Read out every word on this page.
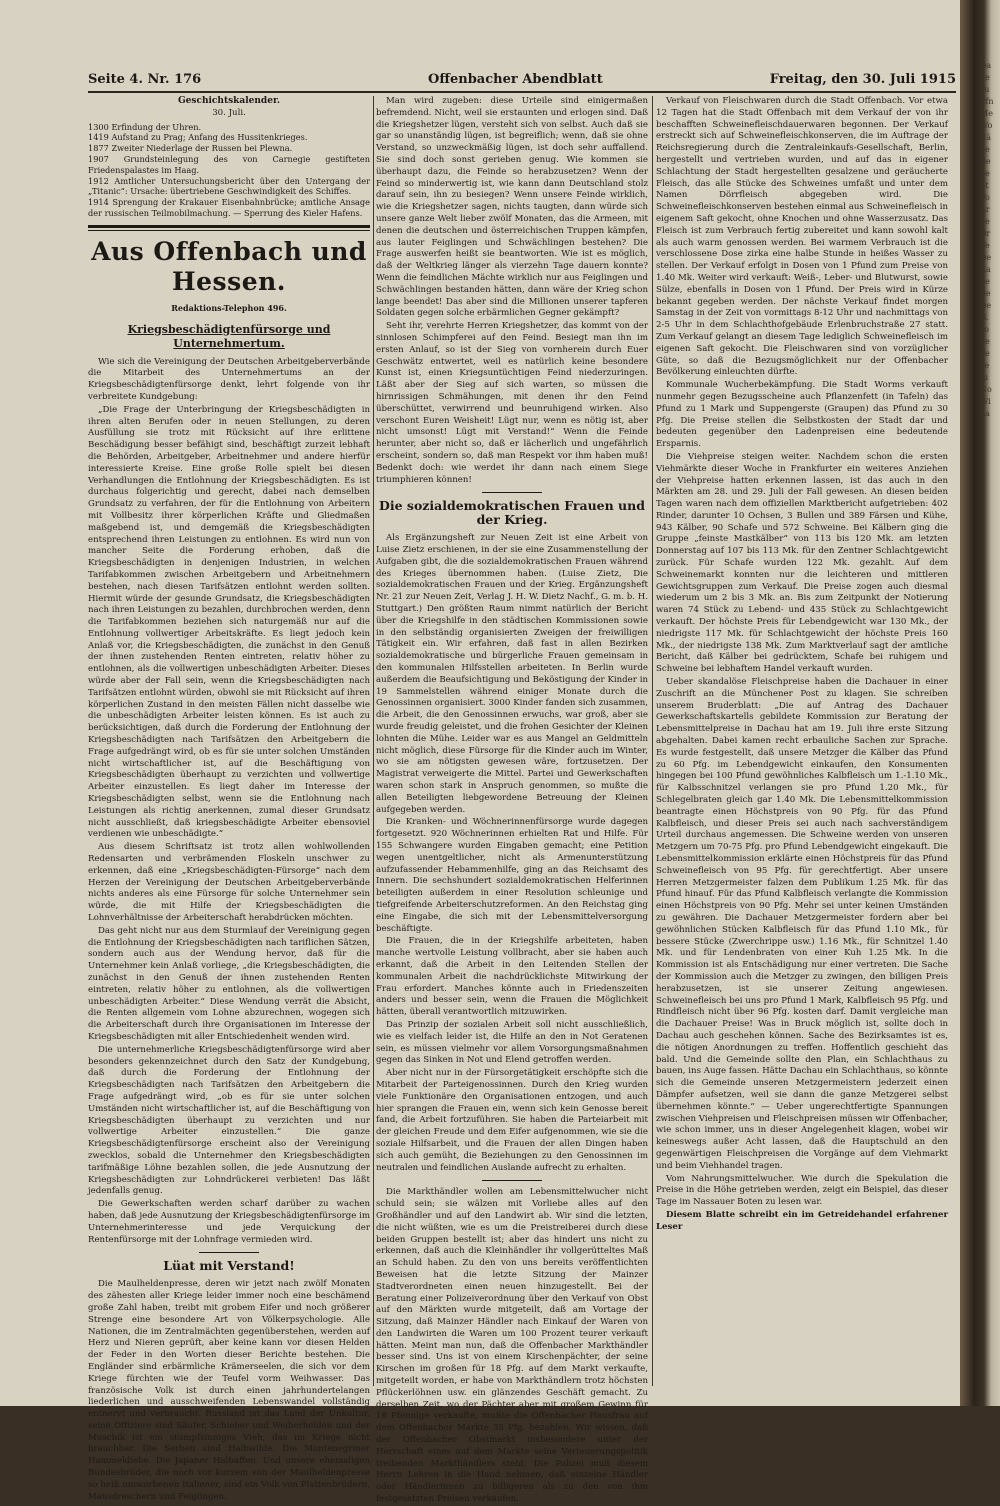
Seite 4. Nr. 176	Offenbacher Abendblatt	Freitag, den 30. Juli 1915
Geschichtskalender.
30. Juli.
1300 Erfindung der Uhren.
1419 Aufstand zu Prag; Anfang des Hussitenkrieges.
1877 Zweiter Niederlage der Russen bei Plewna.
1907 Grundsteinlegung des von Carnegie gestifteten Friedenspalastes im Haag.
1912 Amtlicher Untersuchungsbericht über den Untergang der „Titanic“: Ursache: übertriebene Geschwindigkeit des Schiffes.
1914 Sprengung der Krakauer Eisenbahnbrücke; amtliche Ansage der russischen Teilmobilmachung. — Sperrung des Kieler Hafens.
Aus Offenbach und Hessen.
Redaktions-Telephon 496.
Kriegsbeschädigtenfürsorge und Unternehmertum.

Wie sich die Vereinigung der Deutschen Arbeitgeberverbände die Mitarbeit des Unternehmertums an der Kriegsbeschädigtenfürsorge denkt, lehrt folgende von ihr verbreitete Kundgebung:

„Die Frage der Unterbringung der Kriegsbeschädigten in ihren alten Berufen oder in neuen Stellungen, zu deren Ausfüllung sie trotz mit Rücksicht auf ihre erlittene Beschädigung besser befähigt sind, beschäftigt zurzeit lebhaft die Behörden, Arbeitgeber, Arbeitnehmer und andere hierfür interessierte Kreise. Eine große Rolle spielt bei diesen Verhandlungen die Entlohnung der Kriegsbeschädigten. Es ist durchaus folgerichtig und gerecht, dabei nach demselben Grundsatz zu verfahren, der für die Entlohnung von Arbeitern mit Vollbesitz ihrer körperlichen Kräfte und Gliedmaßen maßgebend ist, und demgemäß die Kriegsbeschädigten entsprechend ihren Leistungen zu entlohnen. Es wird nun von mancher Seite die Forderung erhoben, daß die Kriegsbeschädigten in denjenigen Industrien, in welchen Tarifabkommen zwischen Arbeitgebern und Arbeitnehmern bestehen, nach diesen Tarifsätzen entlohnt werden sollten. Hiermit würde der gesunde Grundsatz, die Kriegsbeschädigten nach ihren Leistungen zu bezahlen, durchbrochen werden, denn die Tarifabkommen beziehen sich naturgemäß nur auf die Entlohnung vollwertiger Arbeitskräfte. Es liegt jedoch kein Anlaß vor, die Kriegsbeschädigten, die zunächst in den Genuß der ihnen zustehenden Renten eintreten, relativ höher zu entlohnen, als die vollwertigen unbeschädigten Arbeiter. Dieses würde aber der Fall sein, wenn die Kriegsbeschädigten nach Tarifsätzen entlohnt würden, obwohl sie mit Rücksicht auf ihren körperlichen Zustand in den meisten Fällen nicht dasselbe wie die unbeschädigten Arbeiter leisten können. Es ist auch zu berücksichtigen, daß durch die Forderung der Entlohnung der Kriegsbeschädigten nach Tarifsätzen den Arbeitgebern die Frage aufgedrängt wird, ob es für sie unter solchen Umständen nicht wirtschaftlicher ist, auf die Beschäftigung von Kriegsbeschädigten überhaupt zu verzichten und vollwertige Arbeiter einzustellen. Es liegt daher im Interesse der Kriegsbeschädigten selbst, wenn sie die Entlohnung nach Leistungen als richtig anerkennen, zumal dieser Grundsatz nicht ausschließt, daß kriegsbeschädigte Arbeiter ebensoviel verdienen wie unbeschädigte.“

Aus diesem Schriftsatz ist trotz allen wohlwollenden Redensarten und verbrämenden Floskeln unschwer zu erkennen, daß eine „Kriegsbeschädigten-Fürsorge“ nach dem Herzen der Vereinigung der Deutschen Arbeitgeberverbände nichts anderes als eine Fürsorge für solche Unternehmer sein würde, die mit Hilfe der Kriegsbeschädigten die Lohnverhältnisse der Arbeiterschaft herabdrücken möchten.

Das geht nicht nur aus dem Sturmlauf der Vereinigung gegen die Entlohnung der Kriegsbeschädigten nach tariflichen Sätzen, sondern auch aus der Wendung hervor, daß für die Unternehmer kein Anlaß vorliege, „die Kriegsbeschädigten, die zunächst in den Genuß der ihnen zustehenden Renten eintreten, relativ höher zu entlohnen, als die vollwertigen unbeschädigten Arbeiter.“ Diese Wendung verrät die Absicht, die Renten allgemein vom Lohne abzurechnen, wogegen sich die Arbeiterschaft durch ihre Organisationen im Interesse der Kriegsbeschädigten mit aller Entschiedenheit wenden wird.

Die unternehmerliche Kriegsbeschädigtenfürsorge wird aber besonders gekennzeichnet durch den Satz der Kundgebung, daß durch die Forderung der Entlohnung der Kriegsbeschädigten nach Tarifsätzen den Arbeitgebern die Frage aufgedrängt wird, „ob es für sie unter solchen Umständen nicht wirtschaftlicher ist, auf die Beschäftigung von Kriegsbeschädigten überhaupt zu verzichten und nur vollwertige Arbeiter einzustellen.“ Die ganze Kriegsbeschädigtenfürsorge erscheint also der Vereinigung zwecklos, sobald die Unternehmer den Kriegsbeschädigten tarifmäßige Löhne bezahlen sollen, die jede Ausnutzung der Kriegsbeschädigten zur Lohndrückerei verbieten! Das läßt jedenfalls genug.

Die Gewerkschaften werden scharf darüber zu wachen haben, daß jede Ausnutzung der Kriegsbeschädigtenfürsorge im Unternehmerinteresse und jede Verquickung der Rentenfürsorge mit der Lohnfrage vermieden wird.

Lüat mit Verstand!

Die Maulheldenpresse, deren wir jetzt nach zwölf Monaten des zähesten aller Kriege leider immer noch eine beschämend große Zahl haben, treibt mit grobem Eifer und noch größerer Strenge eine besondere Art von Völkerpsychologie. Alle Nationen, die im Zentralmächten gegenüberstehen, werden auf Herz und Nieren geprüft, aber keine kann vor diesen Helden der Feder in den Worten dieser Berichte bestehen. Die Engländer sind erbärmliche Krämerseelen, die sich vor dem Kriege fürchten wie der Teufel vorm Weihwasser. Das französische Volk ist durch einen jahrhundertelangen liederlichen und ausschweifenden Lebenswandel vollständig entnervt und verbraucht. Russland ist das Land der Unkultur, seine Offiziere sind Säufer, Schieber und Weiberhelden und der Muschik ist ein stumpfsinniges Vieh, das im Kriege nicht brauchbar. Die Serben sind Halbwilde. Die Montenegriner Hammeldiebe. Die Japaner Halbaffen. Und unsere ehemaligen Bundesbrüder, die noch vor kurzem von der Maulheldenpresse so heiß umworbenen Italiener, sind ein Volk von Plattenbrüdern, Mausdreschern und Feiglingen.

Man wird zugeben: diese Urteile sind einigermaßen befremdend. Nicht, weil sie erstaunten und erlogen sind. Daß die Kriegshetzer lügen, versteht sich von selbst. Auch daß sie gar so unanständig lügen, ist begreiflich; wenn, daß sie ohne Verstand, so unzweckmäßig lügen, ist doch sehr auffallend. Sie sind doch sonst gerieben genug. Wie kommen sie überhaupt dazu, die Feinde so herabzusetzen? Wenn der Feind so minderwertig ist, wie kann dann Deutschland stolz darauf sein, ihn zu besiegen? Wenn unsere Feinde wirklich, wie die Kriegshetzer sagen, nichts taugten, dann würde sich unsere ganze Welt lieber zwölf Monaten, das die Armeen, mit denen die deutschen und österreichischen Truppen kämpfen, aus lauter Feiglingen und Schwächlingen bestehen? Die Frage auswerfen heißt sie beantworten. Wie ist es möglich, daß der Weltkrieg länger als vierzehn Tage dauern konnte? Wenn die feindlichen Mächte wirklich nur aus Feiglingen und Schwächlingen bestanden hätten, dann wäre der Krieg schon lange beendet! Das aber sind die Millionen unserer tapferen Soldaten gegen solche erbärmlichen Gegner gekämpft?

Seht ihr, verehrte Herren Kriegshetzer, das kommt von der sinnlosen Schimpferei auf den Feind. Besiegt man ihn im ersten Anlauf, so ist der Sieg von vornherein durch Euer Geschwätz entwertet, weil es natürlich keine besondere Kunst ist, einen Kriegsuntüchtigen Feind niederzuringen. Läßt aber der Sieg auf sich warten, so müssen die hirnrissigen Schmähungen, mit denen ihr den Feind überschüttet, verwirrend und beunruhigend wirken. Also verschont Euren Weisheit! Lügt nur, wenn es nötig ist, aber nicht umsonst! Lügt mit Verstand!“ Wenn die Feinde herunter, aber nicht so, daß er lächerlich und ungefährlich erscheint, sondern so, daß man Respekt vor ihm haben muß! Bedenkt doch: wie werdet ihr dann nach einem Siege triumphieren können!

Die sozialdemokratischen Frauen und der Krieg.

Als Ergänzungsheft zur Neuen Zeit ist eine Arbeit von Luise Zietz erschienen, in der sie eine Zusammenstellung der Aufgaben gibt, die die sozialdemokratischen Frauen während des Krieges übernommen haben. (Luise Zietz, Die sozialdemokratischen Frauen und der Krieg. Ergänzungsheft Nr. 21 zur Neuen Zeit, Verlag J. H. W. Dietz Nachf., G. m. b. H. Stuttgart.) Den größten Raum nimmt natürlich der Bericht über die Kriegshilfe in den städtischen Kommissionen sowie in den selbständig organisierten Zweigen der freiwilligen Tätigkeit ein. Wir erfahren, daß fast in allen Bezirken sozialdemokratische und bürgerliche Frauen gemeinsam in den kommunalen Hilfsstellen arbeiteten. In Berlin wurde außerdem die Beaufsichtigung und Beköstigung der Kinder in 19 Sammelstellen während einiger Monate durch die Genossinnen organisiert. 3000 Kinder fanden sich zusammen, die Arbeit, die den Genossinnen erwuchs, war groß, aber sie wurde freudig geleistet, und die frohen Gesichter der Kleinen lohnten die Mühe. Leider war es aus Mangel an Geldmitteln nicht möglich, diese Fürsorge für die Kinder auch im Winter, wo sie am nötigsten gewesen wäre, fortzusetzen. Der Magistrat verweigerte die Mittel. Partei und Gewerkschaften waren schon stark in Anspruch genommen, so mußte die allen Beteiligten liebgewordene Betreuung der Kleinen aufgegeben werden.

Die Kranken- und Wöchnerinnenfürsorge wurde dagegen fortgesetzt. 920 Wöchnerinnen erhielten Rat und Hilfe. Für 155 Schwangere wurden Eingaben gemacht; eine Petition wegen unentgeltlicher, nicht als Armenunterstützung aufzufassender Hebammenhilfe, ging an das Reichsamt des Innern. Die sechshundert sozialdemokratischen Helferinnen beteiligten außerdem in einer Resolution schleunige und tiefgreifende Arbeiterschutzreformen. An den Reichstag ging eine Eingabe, die sich mit der Lebensmittelversorgung beschäftigte.

Die Frauen, die in der Kriegshilfe arbeiteten, haben manche wertvolle Leistung vollbracht, aber sie haben auch erkannt, daß die Arbeit in den Leitenden Stellen der kommunalen Arbeit die nachdrücklichste Mitwirkung der Frau erfordert. Manches könnte auch in Friedenszeiten anders und besser sein, wenn die Frauen die Möglichkeit hätten, überall verantwortlich mitzuwirken.

Das Prinzip der sozialen Arbeit soll nicht ausschließlich, wie es vielfach leider ist, die Hilfe an den in Not Geratenen sein, es müssen vielmehr vor allem Vorsorgungsmaßnahmen gegen das Sinken in Not und Elend getroffen werden.

Aber nicht nur in der Fürsorgetätigkeit erschöpfte sich die Mitarbeit der Parteigenossinnen. Durch den Krieg wurden viele Funktionäre den Organisationen entzogen, und auch hier sprangen die Frauen ein, wenn sich kein Genosse bereit fand, die Arbeit fortzuführen. Sie haben die Parteiarbeit mit der gleichen Freude und dem Eifer aufgenommen, wie sie die soziale Hilfsarbeit, und die Frauen der allen Dingen haben sich auch gemüht, die Beziehungen zu den Genossinnen im neutralen und feindlichen Auslande aufrecht zu erhalten.

Die Markthändler wollen am Lebensmittelwucher nicht schuld sein; sie wälzen mit Vorliebe alles auf den Großhändler und auf den Landwirt ab. Wir sind die letzten, die nicht wüßten, wie es um die Preistreiberei durch diese beiden Gruppen bestellt ist; aber das hindert uns nicht zu erkennen, daß auch die Kleinhändler ihr vollgerütteltes Maß an Schuld haben. Zu den von uns bereits veröffentlichten Beweisen hat die letzte Sitzung der Mainzer Stadtverordneten einen neuen hinzugestellt. Bei der Beratung einer Polizeiverordnung über den Verkauf von Obst auf den Märkten wurde mitgeteilt, daß am Vortage der Sitzung, daß Mainzer Händler nach Einkauf der Waren von den Landwirten die Waren um 100 Prozent teurer verkauft hätten. Meint man nun, daß die Offenbacher Markthändler besser sind. Uns ist von einem Kirschenpächter, der seine Kirschen im großen für 18 Pfg. auf dem Markt verkaufte, mitgeteilt worden, er habe von Markthändlern trotz höchsten Pflückerlöhnen usw. ein glänzendes Geschäft gemacht. Zu derselben Zeit, wo der Pächter aber mit großem Gewinn für 18 Pfennige verkaufte, mußte die Offenbacher Hausfrau auf dem Offenbacher Markte 35 Pfg. bezahlen. Wir wissen, daß der Offenbacher Obstmarkt insbesondere unter der Herrschaft eines auf dem Markte seine Verteuerungspolitik treibenden Markthändlers steht. Die Polizei muß diesem Herrn Lehren in die Hand nehmen, daß einzelne Händler oder Händlerinnen zu billigeren als zu den von ihm festgesetzten Preisen verkaufen.

Verkauf von Fleischwaren durch die Stadt Offenbach. Vor etwa 12 Tagen hat die Stadt Offenbach mit dem Verkauf der von ihr beschafften Schweinefleischdauerwaren begonnen. Der Verkauf erstreckt sich auf Schweinefleischkonserven, die im Auftrage der Reichsregierung durch die Zentraleinkaufs-Gesellschaft, Berlin, hergestellt und vertrieben wurden, und auf das in eigener Schlachtung der Stadt hergestellten gesalzene und geräucherte Fleisch, das alle Stücke des Schweines umfaßt und unter dem Namen Dörrfleisch abgegeben wird. Die Schweinefleischkonserven bestehen einmal aus Schweinefleisch in eigenem Saft gekocht, ohne Knochen und ohne Wasserzusatz. Das Fleisch ist zum Verbrauch fertig zubereitet und kann sowohl kalt als auch warm genossen werden. Bei warmem Verbrauch ist die verschlossene Dose zirka eine halbe Stunde in heißes Wasser zu stellen. Der Verkauf erfolgt in Dosen von 1 Pfund zum Preise von 1.40 Mk. Weiter wird verkauft: Weiß-, Leber- und Blutwurst, sowie Sülze, ebenfalls in Dosen von 1 Pfund. Der Preis wird in Kürze bekannt gegeben werden. Der nächste Verkauf findet morgen Samstag in der Zeit von vormittags 8-12 Uhr und nachmittags von 2-5 Uhr in dem Schlachthofgebäude Erlenbruchstraße 27 statt. Zum Verkauf gelangt an diesem Tage lediglich Schweinefleisch im eigenen Saft gekocht. Die Fleischwaren sind von vorzüglicher Güte, so daß die Bezugsmöglichkeit nur der Offenbacher Bevölkerung einleuchten dürfte.

Kommunale Wucherbekämpfung. Die Stadt Worms verkauft nunmehr gegen Bezugsscheine auch Pflanzenfett (in Tafeln) das Pfund zu 1 Mark und Suppengerste (Graupen) das Pfund zu 30 Pfg. Die Preise stellen die Selbstkosten der Stadt dar und bedeuten gegenüber den Ladenpreisen eine bedeutende Ersparnis.

Die Viehpreise steigen weiter. Nachdem schon die ersten Viehmärkte dieser Woche in Frankfurter ein weiteres Anziehen der Viehpreise hatten erkennen lassen, ist das auch in den Märkten am 28. und 29. Juli der Fall gewesen. An diesen beiden Tagen waren nach dem offiziellen Marktbericht aufgetrieben: 402 Rinder, darunter 10 Ochsen, 3 Bullen und 389 Färsen und Kühe, 943 Kälber, 90 Schafe und 572 Schweine. Bei Kälbern ging die Gruppe „feinste Mastkälber“ von 113 bis 120 Mk. am letzten Donnerstag auf 107 bis 113 Mk. für den Zentner Schlachtgewicht zurück. Für Schafe wurden 122 Mk. gezahlt. Auf dem Schweinemarkt konnten nur die leichteren und mittleren Gewichtsgruppen zum Verkauf. Die Preise zogen auch diesmal wiederum um 2 bis 3 Mk. an. Bis zum Zeitpunkt der Notierung waren 74 Stück zu Lebend- und 435 Stück zu Schlachtgewicht verkauft. Der höchste Preis für Lebendgewicht war 130 Mk., der niedrigste 117 Mk. für Schlachtgewicht der höchste Preis 160 Mk., der niedrigste 138 Mk. Zum Marktverlauf sagt der amtliche Bericht, daß Kälber bei gedrücktem, Schafe bei ruhigem und Schweine bei lebhaftem Handel verkauft wurden.

Ueber skandalöse Fleischpreise haben die Dachauer in einer Zuschrift an die Münchener Post zu klagen. Sie schreiben unserem Bruderblatt: „Die auf Antrag des Dachauer Gewerkschaftskartells gebildete Kommission zur Beratung der Lebensmittelpreise in Dachau hat am 19. Juli ihre erste Sitzung abgehalten. Dabei kamen recht erbauliche Sachen zur Sprache. Es wurde festgestellt, daß unsere Metzger die Kälber das Pfund zu 60 Pfg. im Lebendgewicht einkaufen, den Konsumenten hingegen bei 100 Pfund gewöhnliches Kalbfleisch um 1.-1.10 Mk., für Kalbsschnitzel verlangen sie pro Pfund 1.20 Mk., für Schlegelbraten gleich gar 1.40 Mk. Die Lebensmittelkommission beantragte einen Höchstpreis von 90 Pfg. für das Pfund Kalbfleisch, und dieser Preis sei auch nach sachverständigem Urteil durchaus angemessen. Die Schweine werden von unseren Metzgern um 70-75 Pfg. pro Pfund Lebendgewicht eingekauft. Die Lebensmittelkommission erklärte einen Höchstpreis für das Pfund Schweinefleisch von 95 Pfg. für gerechtfertigt. Aber unsere Herren Metzgermeister falzen dem Publikum 1.25 Mk. für das Pfund hinauf. Für das Pfund Kalbfleisch verlangte die Kommission einen Höchstpreis von 90 Pfg. Mehr sei unter keinen Umständen zu gewähren. Die Dachauer Metzgermeister fordern aber bei gewöhnlichen Stücken Kalbfleisch für das Pfund 1.10 Mk., für bessere Stücke (Zwerchrippe usw.) 1.16 Mk., für Schnitzel 1.40 Mk. und für Lendenbraten von einer Kuh 1.25 Mk. In die Kommission ist als Entschädigung nur einer vertreten. Die Sache der Kommission auch die Metzger zu zwingen, den billigen Preis herabzusetzen, ist sie unserer Zeitung angewiesen. Schweinefleisch bei uns pro Pfund 1 Mark, Kalbfleisch 95 Pfg. und Rindfleisch nicht über 96 Pfg. kosten darf. Damit vergleiche man die Dachauer Preise! Was in Bruck möglich ist, sollte doch in Dachau auch geschehen können. Sache des Bezirksamtes ist es, die nötigen Anordnungen zu treffen. Hoffentlich geschieht das bald. Und die Gemeinde sollte den Plan, ein Schlachthaus zu bauen, ins Auge fassen. Hätte Dachau ein Schlachthaus, so könnte sich die Gemeinde unseren Metzgermeistern jederzeit einen Dämpfer aufsetzen, weil sie dann die ganze Metzgerei selbst übernehmen könnte.“ — Ueber ungerechtfertigte Spannungen zwischen Viehpreisen und Fleischpreisen müssen wir Offenbacher, wie schon immer, uns in dieser Angelegenheit klagen, wobei wir keineswegs außer Acht lassen, daß die Hauptschuld an den gegenwärtigen Fleischpreisen die Vorgänge auf dem Viehmarkt und beim Viehhandel tragen.

Vom Nahrungsmittelwucher. Wie durch die Spekulation die Preise in die Höhe getrieben werden, zeigt ein Beispiel, das dieser Tage im Nassauer Boten zu lesen war.

Diesem Blatte schreibt ein im Getreidehandel erfahrener Leser

Da
ge
zu
Pfn
Me
Wo
Rä
ge
Be
be
St
Vo
Ar
ge
Dr
Ve
De
Ka
be
Be
De
G.
so
de
ge
ve
fu
No
Wi
ha
